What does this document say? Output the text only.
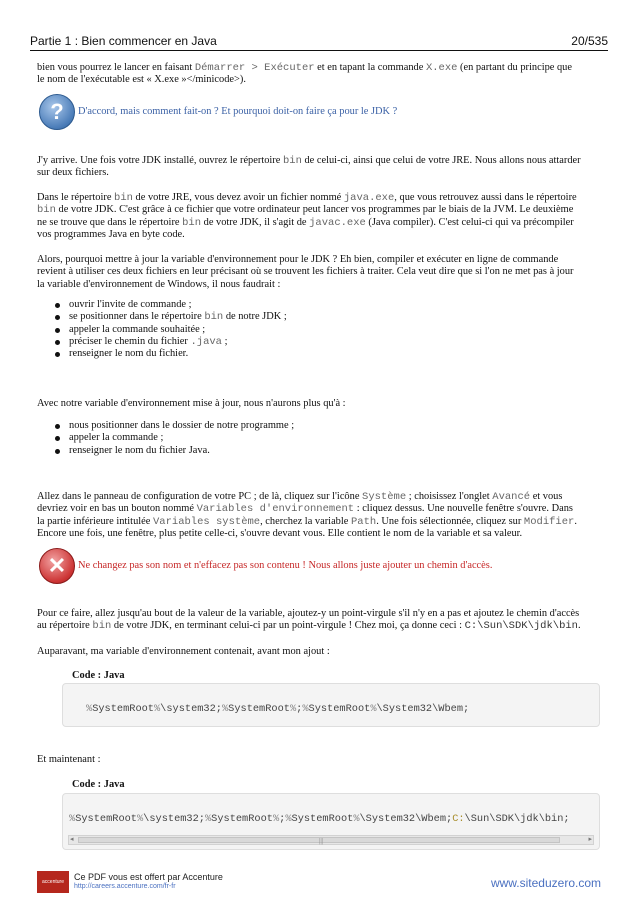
Partie 1 : Bien commencer en Java	20/535
bien vous pourrez le lancer en faisant Démarrer > Exécuter et en tapant la commande X.exe (en partant du principe que
le nom de l'exécutable est « X.exe »</minicode>).
?	D'accord, mais comment fait-on ? Et pourquoi doit-on faire ça pour le JDK ?
J'y arrive. Une fois votre JDK installé, ouvrez le répertoire bin de celui-ci, ainsi que celui de votre JRE. Nous allons nous attarder
sur deux fichiers.
Dans le répertoire bin de votre JRE, vous devez avoir un fichier nommé java.exe, que vous retrouvez aussi dans le répertoire
bin de votre JDK. C'est grâce à ce fichier que votre ordinateur peut lancer vos programmes par le biais de la JVM. Le deuxième
ne se trouve que dans le répertoire bin de votre JDK, il s'agit de javac.exe (Java compiler). C'est celui-ci qui va précompiler
vos programmes Java en byte code.
Alors, pourquoi mettre à jour la variable d'environnement pour le JDK ? Eh bien, compiler et exécuter en ligne de commande
revient à utiliser ces deux fichiers en leur précisant où se trouvent les fichiers à traiter. Cela veut dire que si l'on ne met pas à jour
la variable d'environnement de Windows, il nous faudrait :
ouvrir l'invite de commande ;
se positionner dans le répertoire bin de notre JDK ;
appeler la commande souhaitée ;
préciser le chemin du fichier .java ;
renseigner le nom du fichier.
Avec notre variable d'environnement mise à jour, nous n'aurons plus qu'à :
nous positionner dans le dossier de notre programme ;
appeler la commande ;
renseigner le nom du fichier Java.
Allez dans le panneau de configuration de votre PC ; de là, cliquez sur l'icône Système ; choisissez l'onglet Avancé et vous
devriez voir en bas un bouton nommé Variables d'environnement : cliquez dessus. Une nouvelle fenêtre s'ouvre. Dans
la partie inférieure intitulée Variables système, cherchez la variable Path. Une fois sélectionnée, cliquez sur Modifier.
Encore une fois, une fenêtre, plus petite celle-ci, s'ouvre devant vous. Elle contient le nom de la variable et sa valeur.
✕	Ne changez pas son nom et n'effacez pas son contenu ! Nous allons juste ajouter un chemin d'accès.
Pour ce faire, allez jusqu'au bout de la valeur de la variable, ajoutez-y un point-virgule s'il n'y en a pas et ajoutez le chemin d'accès
au répertoire bin de votre JDK, en terminant celui-ci par un point-virgule ! Chez moi, ça donne ceci : C:\Sun\SDK\jdk\bin.
Auparavant, ma variable d'environnement contenait, avant mon ajout :
Code : Java

%SystemRoot%\system32;%SystemRoot%;%SystemRoot%\System32\Wbem;

Et maintenant :
Code : Java

%SystemRoot%\system32;%SystemRoot%;%SystemRoot%\System32\Wbem;C:\Sun\SDK\jdk\bin;

◂

	|||

	▸

accenture	Ce PDF vous est offert par Accenture
http://careers.accenture.com/fr-fr	www.siteduzero.com
